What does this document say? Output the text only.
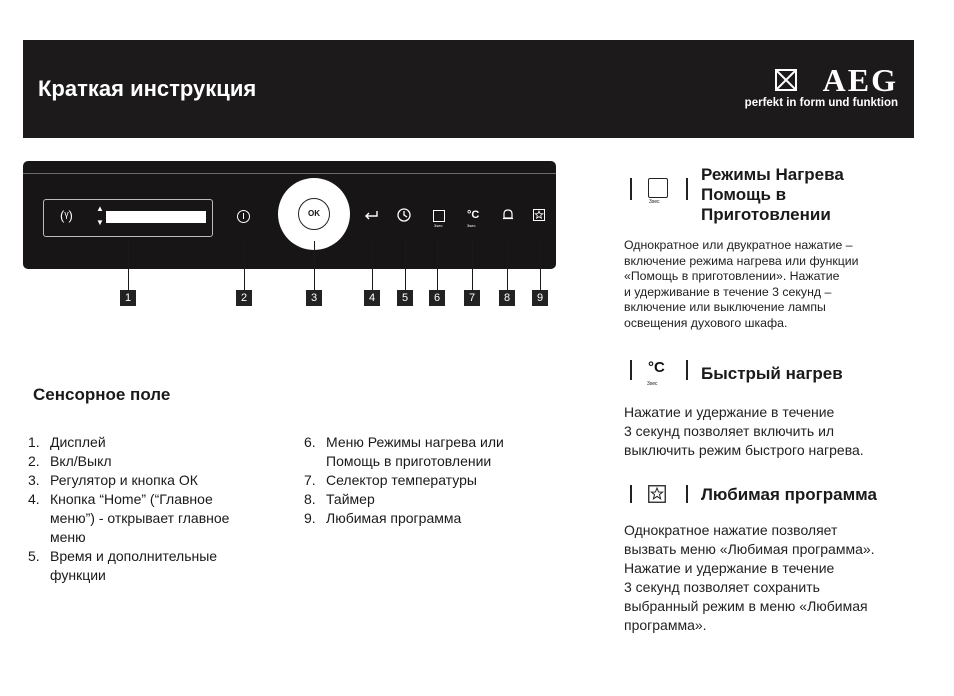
Краткая инструкция	AEG
perfekt in form und funktion
(ᵞ)	▲
▼
OK
3sec
°C
3sec
1	2	3	4	5	6	7	8	9
Сенсорное поле
1. Дисплей
2. Вкл/Выкл
3. Регулятор и кнопка ОК
4. Кнопка “Home” (“Главное
меню”) - открывает главное
меню
5. Время и дополнительные
функции
6. Меню Режимы нагрева или
Помощь в приготовлении
7. Селектор температуры
8. Таймер
9. Любимая программа
3sec
Режимы Нагрева
Помощь в
Приготовлении
Однократное или двукратное нажатие –
включение режима нагрева или функции
«Помощь в приготовлении». Нажатие
и удерживание в течение 3 секунд –
включение или выключение лампы
освещения духового шкафа.
°C
3sec
Быстрый нагрев
Нажатие и удержание в течение
3 секунд позволяет включить ил
выключить режим быстрого нагрева.
Любимая программа
Однократное нажатие позволяет
вызвать меню «Любимая программа».
Нажатие и удержание в течение
3 секунд позволяет сохранить
выбранный режим в меню «Любимая
программа».
